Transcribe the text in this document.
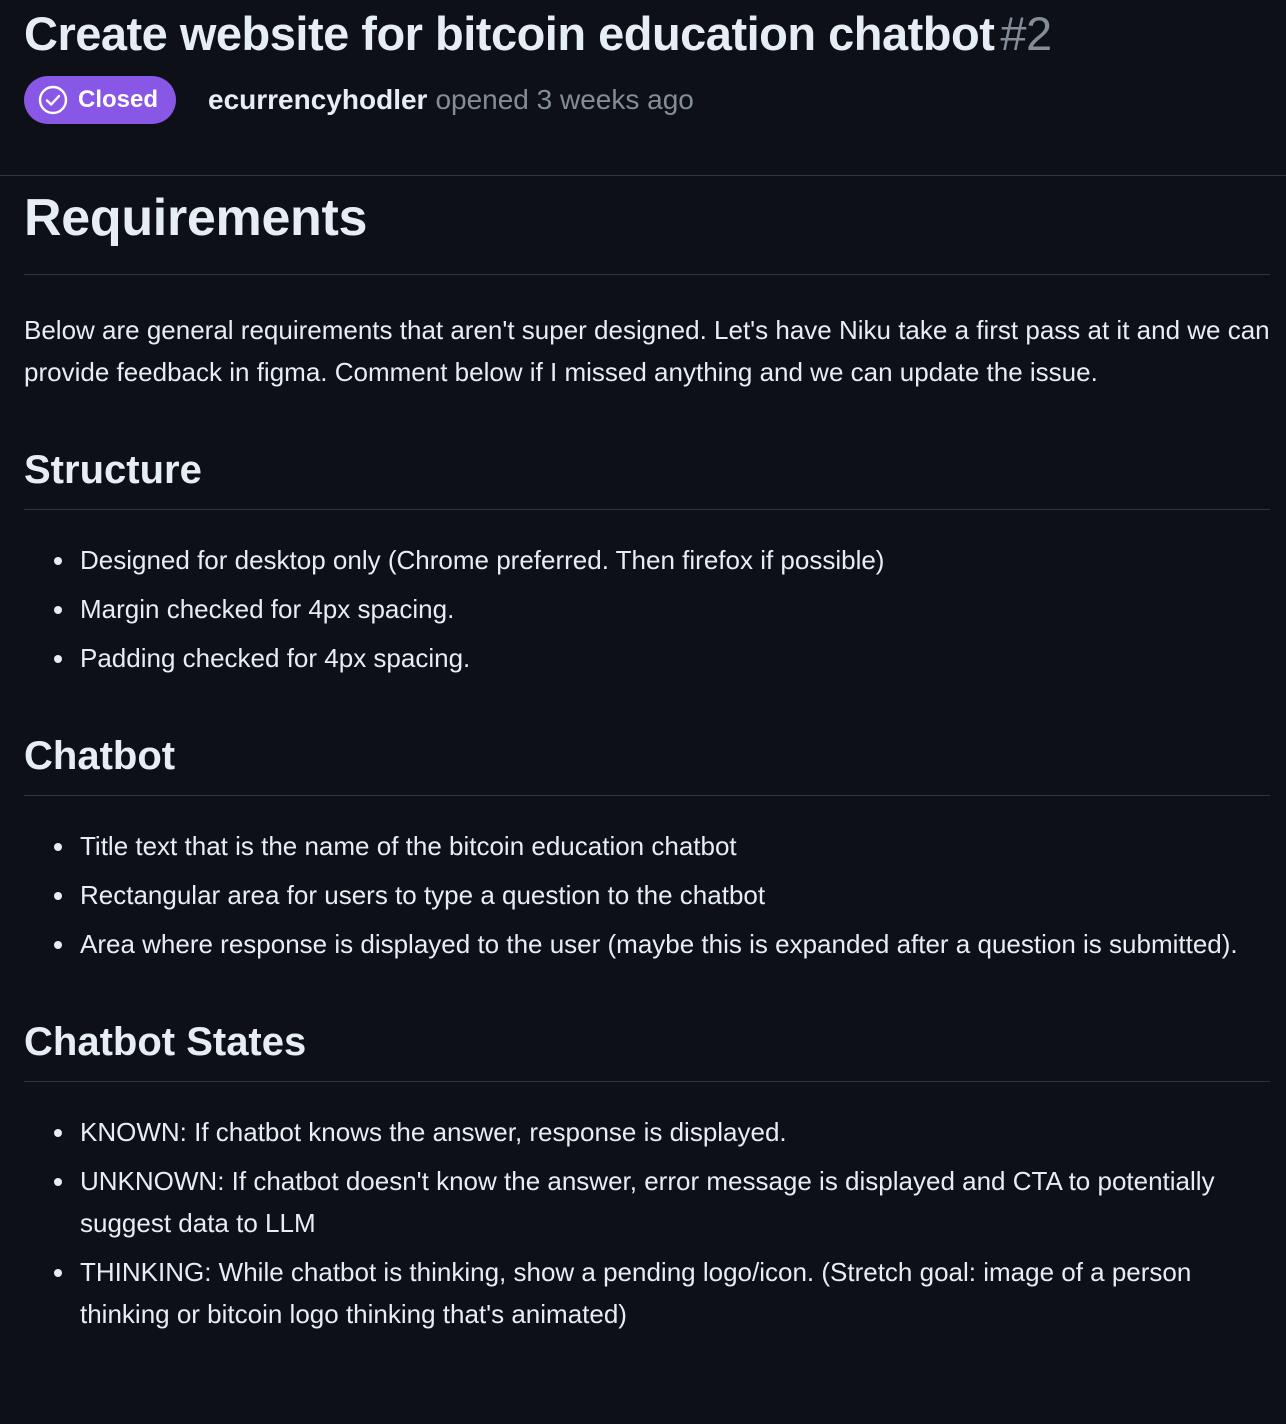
Create website for bitcoin education chatbot #2
Closed ecurrencyhodler opened 3 weeks ago
Requirements

Below are general requirements that aren't super designed. Let's have Niku take a first pass at it and we can provide feedback in figma. Comment below if I missed anything and we can update the issue.

Structure
Designed for desktop only (Chrome preferred. Then firefox if possible)
Margin checked for 4px spacing.
Padding checked for 4px spacing.
Chatbot
Title text that is the name of the bitcoin education chatbot
Rectangular area for users to type a question to the chatbot
Area where response is displayed to the user (maybe this is expanded after a question is submitted).
Chatbot States
KNOWN: If chatbot knows the answer, response is displayed.
UNKNOWN: If chatbot doesn't know the answer, error message is displayed and CTA to potentially suggest data to LLM
THINKING: While chatbot is thinking, show a pending logo/icon. (Stretch goal: image of a person thinking or bitcoin logo thinking that's animated)
